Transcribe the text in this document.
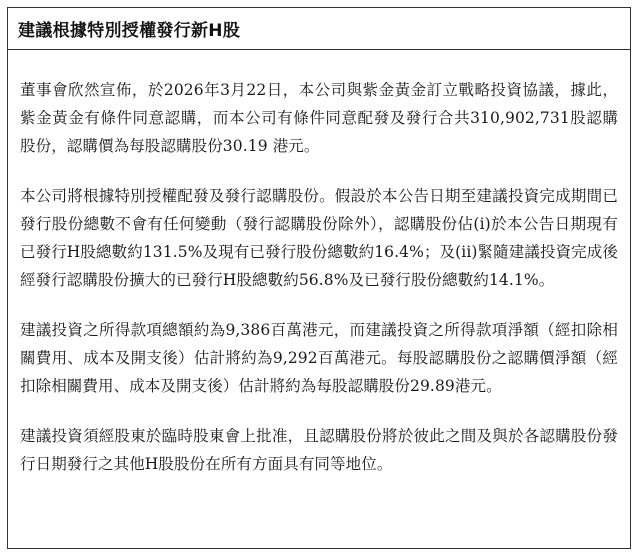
建議根據特別授權發行新H股

董事會欣然宣佈，於2026年3月22日，本公司與紫金黃金訂立戰略投資協議，據此，紫金黃金有條件同意認購，而本公司有條件同意配發及發行合共310,902,731股認購股份，認購價為每股認購股份30.19 港元。

本公司將根據特別授權配發及發行認購股份。假設於本公告日期至建議投資完成期間已發行股份總數不會有任何變動（發行認購股份除外），認購股份佔(i)於本公告日期現有已發行H股總數約131.5%及現有已發行股份總數約16.4%；及(ii)緊隨建議投資完成後經發行認購股份擴大的已發行H股總數約56.8%及已發行股份總數約14.1%。

建議投資之所得款項總額約為9,386百萬港元，而建議投資之所得款項淨額（經扣除相關費用、成本及開支後）估計將約為9,292百萬港元。每股認購股份之認購價淨額（經扣除相關費用、成本及開支後）估計將約為每股認購股份29.89港元。

建議投資須經股東於臨時股東會上批准，且認購股份將於彼此之間及與於各認購股份發行日期發行之其他H股股份在所有方面具有同等地位。
